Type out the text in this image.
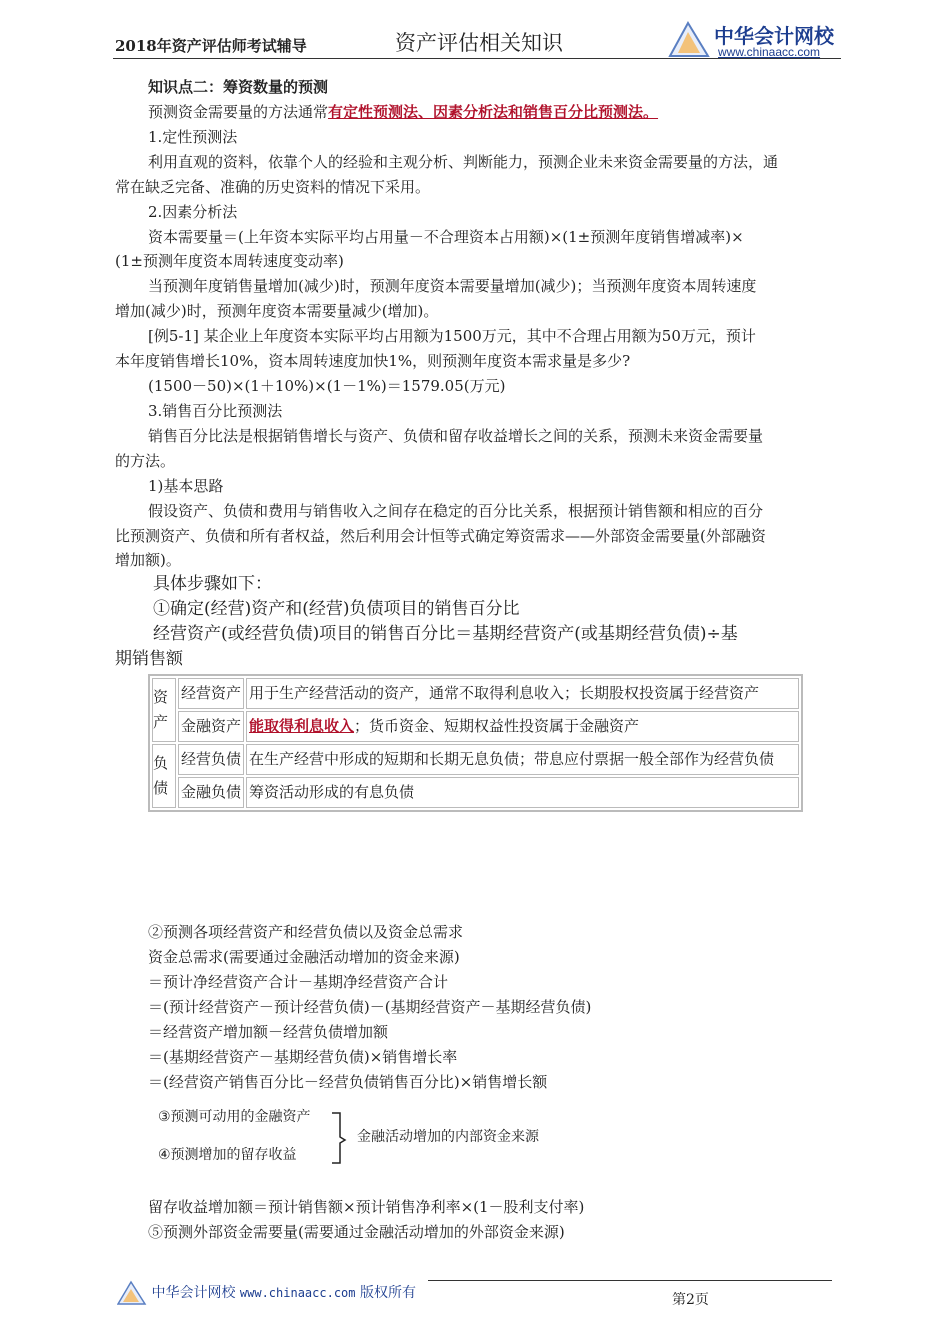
2018年资产评估师考试辅导	资产评估相关知识	中华会计网校
www.chinaacc.com
知识点二：筹资数量的预测
预测资金需要量的方法通常有定性预测法、因素分析法和销售百分比预测法。
1.定性预测法
利用直观的资料，依靠个人的经验和主观分析、判断能力，预测企业未来资金需要量的方法，通
常在缺乏完备、准确的历史资料的情况下采用。
2.因素分析法
资本需要量＝(上年资本实际平均占用量－不合理资本占用额)×(1±预测年度销售增减率)×
(1±预测年度资本周转速度变动率)
当预测年度销售量增加(减少)时，预测年度资本需要量增加(减少)；当预测年度资本周转速度
增加(减少)时，预测年度资本需要量减少(增加)。
[例5-1] 某企业上年度资本实际平均占用额为1500万元，其中不合理占用额为50万元，预计
本年度销售增长10%，资本周转速度加快1%，则预测年度资本需求量是多少?
(1500－50)×(1＋10%)×(1－1%)＝1579.05(万元)
3.销售百分比预测法
销售百分比法是根据销售增长与资产、负债和留存收益增长之间的关系，预测未来资金需要量
的方法。
1)基本思路
假设资产、负债和费用与销售收入之间存在稳定的百分比关系，根据预计销售额和相应的百分
比预测资产、负债和所有者权益，然后利用会计恒等式确定筹资需求——外部资金需要量(外部融资
增加额)。
具体步骤如下：
①确定(经营)资产和(经营)负债项目的销售百分比
经营资产(或经营负债)项目的销售百分比＝基期经营资产(或基期经营负债)÷基
期销售额
资产	经营资产	用于生产经营活动的资产，通常不取得利息收入；长期股权投资属于经营资产
	金融资产	能取得利息收入；货币资金、短期权益性投资属于金融资产
负债	经营负债	在生产经营中形成的短期和长期无息负债；带息应付票据一般全部作为经营负债
	金融负债	筹资活动形成的有息负债
②预测各项经营资产和经营负债以及资金总需求
资金总需求(需要通过金融活动增加的资金来源)
＝预计净经营资产合计－基期净经营资产合计
＝(预计经营资产－预计经营负债)－(基期经营资产－基期经营负债)
＝经营资产增加额－经营负债增加额
＝(基期经营资产－基期经营负债)×销售增长率
＝(经营资产销售百分比－经营负债销售百分比)×销售增长额
③预测可动用的金融资产
④预测增加的留存收益
金融活动增加的内部资金来源
留存收益增加额＝预计销售额×预计销售净利率×(1－股利支付率)
⑤预测外部资金需要量(需要通过金融活动增加的外部资金来源)
中华会计网校 www.chinaacc.com 版权所有	第2页
